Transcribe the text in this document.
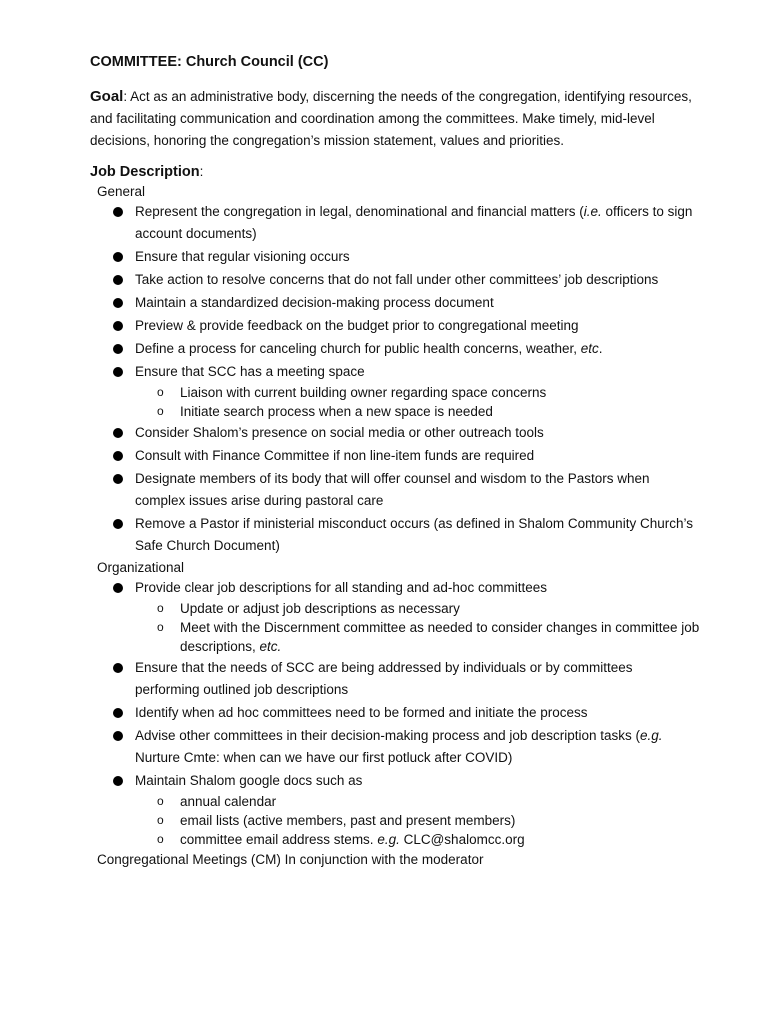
COMMITTEE: Church Council (CC)
Goal: Act as an administrative body, discerning the needs of the congregation, identifying resources, and facilitating communication and coordination among the committees. Make timely, mid-level decisions, honoring the congregation’s mission statement, values and priorities.
Job Description:
General
Represent the congregation in legal, denominational and financial matters (i.e. officers to sign account documents)
Ensure that regular visioning occurs
Take action to resolve concerns that do not fall under other committees’ job descriptions
Maintain a standardized decision-making process document
Preview & provide feedback on the budget prior to congregational meeting
Define a process for canceling church for public health concerns, weather, etc.
Ensure that SCC has a meeting space
o Liaison with current building owner regarding space concerns
o Initiate search process when a new space is needed
Consider Shalom’s presence on social media or other outreach tools
Consult with Finance Committee if non line-item funds are required
Designate members of its body that will offer counsel and wisdom to the Pastors when complex issues arise during pastoral care
Remove a Pastor if ministerial misconduct occurs (as defined in Shalom Community Church’s Safe Church Document)
Organizational
Provide clear job descriptions for all standing and ad-hoc committees
o Update or adjust job descriptions as necessary
o Meet with the Discernment committee as needed to consider changes in committee job descriptions, etc.
Ensure that the needs of SCC are being addressed by individuals or by committees performing outlined job descriptions
Identify when ad hoc committees need to be formed and initiate the process
Advise other committees in their decision-making process and job description tasks (e.g. Nurture Cmte: when can we have our first potluck after COVID)
Maintain Shalom google docs such as
o annual calendar
o email lists (active members, past and present members)
o committee email address stems. e.g. CLC@shalomcc.org
Congregational Meetings (CM) In conjunction with the moderator
